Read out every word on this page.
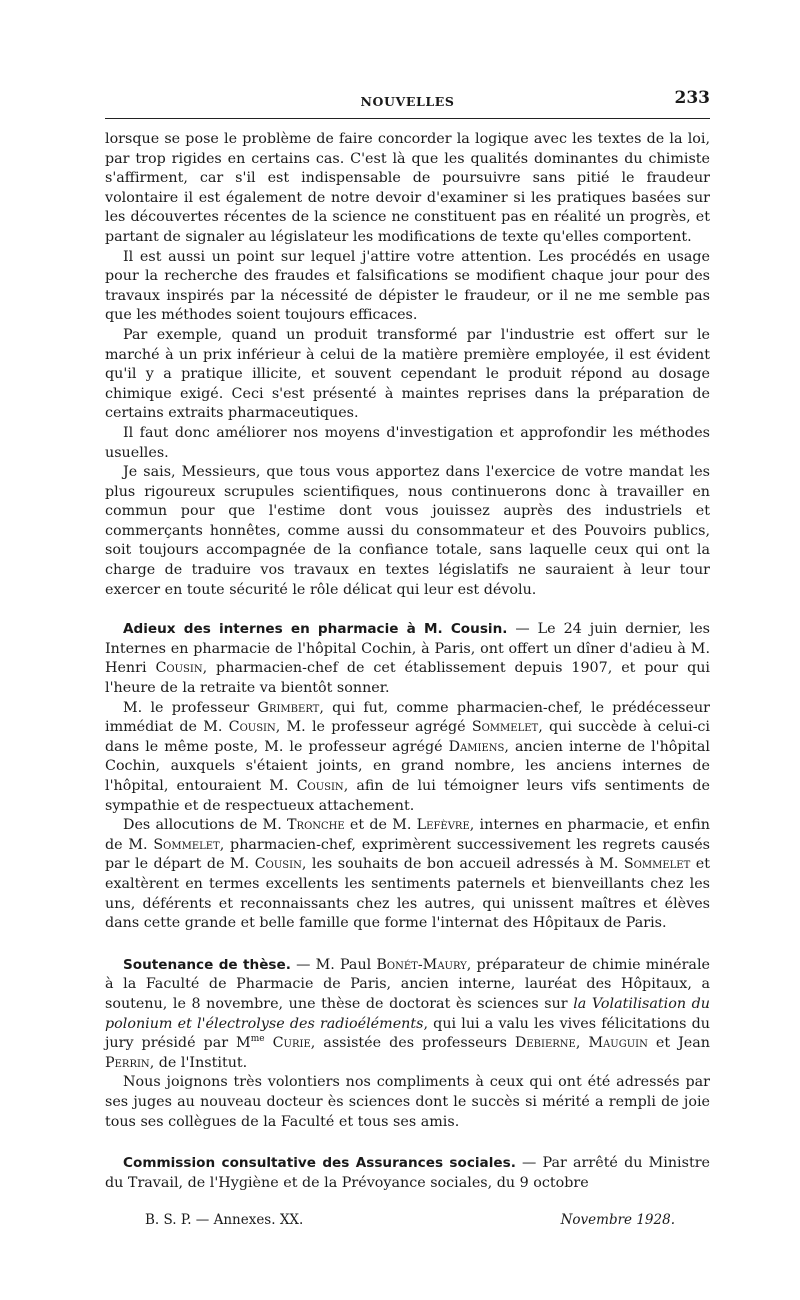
NOUVELLES	233

lorsque se pose le problème de faire concorder la logique avec les textes de la loi, par trop rigides en certains cas. C'est là que les qualités dominantes du chimiste s'affirment, car s'il est indispensable de poursuivre sans pitié le fraudeur volontaire il est également de notre devoir d'examiner si les pratiques basées sur les découvertes récentes de la science ne constituent pas en réalité un progrès, et partant de signaler au législateur les modifications de texte qu'elles comportent.

Il est aussi un point sur lequel j'attire votre attention. Les procédés en usage pour la recherche des fraudes et falsifications se modifient chaque jour pour des travaux inspirés par la nécessité de dépister le fraudeur, or il ne me semble pas que les méthodes soient toujours efficaces.

Par exemple, quand un produit transformé par l'industrie est offert sur le marché à un prix inférieur à celui de la matière première employée, il est évident qu'il y a pratique illicite, et souvent cependant le produit répond au dosage chimique exigé. Ceci s'est présenté à maintes reprises dans la préparation de certains extraits pharmaceutiques.

Il faut donc améliorer nos moyens d'investigation et approfondir les méthodes usuelles.

Je sais, Messieurs, que tous vous apportez dans l'exercice de votre mandat les plus rigoureux scrupules scientifiques, nous continuerons donc à travailler en commun pour que l'estime dont vous jouissez auprès des industriels et commerçants honnêtes, comme aussi du consommateur et des Pouvoirs publics, soit toujours accompagnée de la confiance totale, sans laquelle ceux qui ont la charge de traduire vos travaux en textes législatifs ne sauraient à leur tour exercer en toute sécurité le rôle délicat qui leur est dévolu.

Adieux des internes en pharmacie à M. Cousin. — Le 24 juin dernier, les Internes en pharmacie de l'hôpital Cochin, à Paris, ont offert un dîner d'adieu à M. Henri Cousin, pharmacien-chef de cet établissement depuis 1907, et pour qui l'heure de la retraite va bientôt sonner.

M. le professeur Grimbert, qui fut, comme pharmacien-chef, le prédécesseur immédiat de M. Cousin, M. le professeur agrégé Sommelet, qui succède à celui-ci dans le même poste, M. le professeur agrégé Damiens, ancien interne de l'hôpital Cochin, auxquels s'étaient joints, en grand nombre, les anciens internes de l'hôpital, entouraient M. Cousin, afin de lui témoigner leurs vifs sentiments de sympathie et de respectueux attachement.

Des allocutions de M. Tronche et de M. Lefèvre, internes en pharmacie, et enfin de M. Sommelet, pharmacien-chef, exprimèrent successivement les regrets causés par le départ de M. Cousin, les souhaits de bon accueil adressés à M. Sommelet et exaltèrent en termes excellents les sentiments paternels et bienveillants chez les uns, déférents et reconnaissants chez les autres, qui unissent maîtres et élèves dans cette grande et belle famille que forme l'internat des Hôpitaux de Paris.

Soutenance de thèse. — M. Paul Bonét-Maury, préparateur de chimie minérale à la Faculté de Pharmacie de Paris, ancien interne, lauréat des Hôpitaux, a soutenu, le 8 novembre, une thèse de doctorat ès sciences sur la Volatilisation du polonium et l'électrolyse des radioéléments, qui lui a valu les vives félicitations du jury présidé par $M^{me}$ Curie, assistée des professeurs Debierne, Mauguin et Jean Perrin, de l'Institut.

Nous joignons très volontiers nos compliments à ceux qui ont été adressés par ses juges au nouveau docteur ès sciences dont le succès si mérité a rempli de joie tous ses collègues de la Faculté et tous ses amis.

Commission consultative des Assurances sociales. — Par arrêté du Ministre du Travail, de l'Hygiène et de la Prévoyance sociales, du 9 octobre

B. S. P. — Annexes. XX.	Novembre 1928.
